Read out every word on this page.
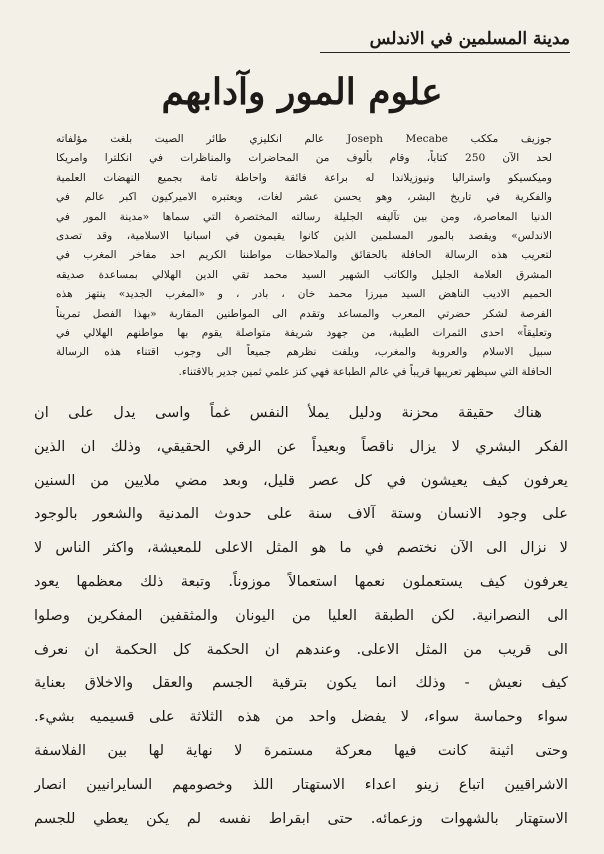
مدينة المسلمين في الاندلس
علوم المور وآدابهم
جوزيف مككب Joseph Mecabe عالم انكليزي طائر الصيت بلغت مؤلفاته
لحد الآن 250 كتاباً، وقام بألوف من المحاضرات والمناظرات في انكلترا وامريكا
وميكسيكو واستراليا ونيوزيلاندا له براعة فائقة واحاطة تامة بجميع النهضات العلمية
والفكرية في تاريخ البشر، وهو يحسن عشر لغات، ويعتبره الاميركيون اكبر عالم في
الدنيا المعاصرة، ومن بين تآليفه الجليلة رسالته المختصرة التي سماها «مدينة المور في
الاندلس» ويقصد بالمور المسلمين الذين كانوا يقيمون في اسبانيا الاسلامية، وقد تصدى
لتعريب هذه الرسالة الحافلة بالحقائق والملاحظات مواطننا الكريم احد مفاخر المغرب في
المشرق العلامة الجليل والكاتب الشهير السيد محمد تقي الدين الهلالي بمساعدة صديقه
الحميم الاديب الناهض السيد ميرزا محمد خان ، بادر ، و «المغرب الجديد» ينتهز هذه
الفرصة لشكر حضرتي المعرب والمساعد وتقدم الى المواطنين المقاربة «بهذا الفصل تمريناً
وتعليقاً» احدى الثمرات الطيبة، من جهود شريفة متواصلة يقوم بها مواطنهم الهلالي في
سبيل الاسلام والعروبة والمغرب، ويلفت نظرهم جميعاً الى وجوب اقتناء هذه الرسالة
الحافلة التي سيظهر تعريبها قريباً في عالم الطباعة فهي كنز علمي ثمين جدير بالاقتناء.
هناك حقيقة محزنة ودليل يملأ النفس غماً واسى يدل على ان
الفكر البشري لا يزال ناقصاً وبعيداً عن الرقي الحقيقي، وذلك ان الذين
يعرفون كيف يعيشون في كل عصر قليل، وبعد مضي ملايين من السنين
على وجود الانسان وستة آلاف سنة على حدوث المدنية والشعور بالوجود
لا نزال الى الآن نختصم في ما هو المثل الاعلى للمعيشة، واكثر الناس لا
يعرفون كيف يستعملون نعمها استعمالاً موزوناً. وتبعة ذلك معظمها يعود
الى النصرانية. لكن الطبقة العليا من اليونان والمثقفين المفكرين وصلوا
الى قريب من المثل الاعلى. وعندهم ان الحكمة كل الحكمة ان نعرف
كيف نعيش - وذلك انما يكون بترقية الجسم والعقل والاخلاق بعناية
سواء وحماسة سواء، لا يفضل واحد من هذه الثلاثة على قسيميه بشيء.
وحتى اثينة كانت فيها معركة مستمرة لا نهاية لها بين الفلاسفة
الاشراقيين اتباع زينو اعداء الاستهتار اللذ وخصومهم السايرانيين انصار
الاستهتار بالشهوات وزعمائه. حتى ابقراط نفسه لم يكن يعطي للجسم
